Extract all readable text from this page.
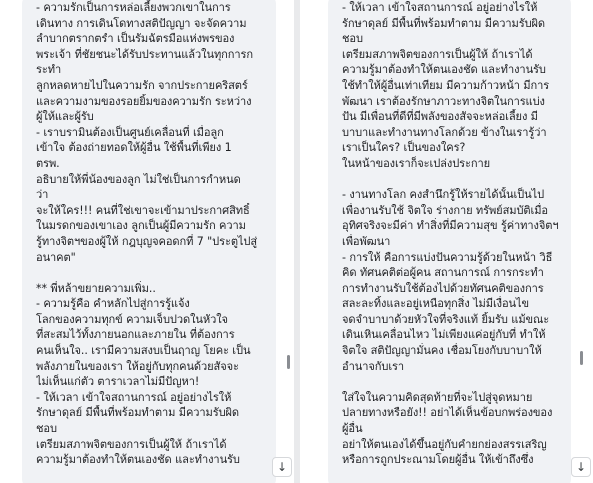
- ความรักเป็นการหล่อเลี้ยงพวกเขาในการ
เดินทาง การเดินโดทางสติปัญญา จะจัดความ
ลำบากตรากตรำ เป็นรัมฉัตรมือแห่งพรของ
พระเจ้า ที่ชัยชนะได้รับประทานแล้วในทุกการก
ระทำ
ลูกหลดหายไปในความรัก จากประกายคริสตร์
และความงามของรอยยิ้มของความรัก ระหว่าง
ผู้ให้และผู้รับ
- เราบรามินต้องเป็นศูนย์เคลื่อนที่ เมื่อลูก
เข้าใจ ต้องถ่ายทอดให้ผู้อื่น ใช้พื้นที่เพียง 1
ตรพ.
อธิบายให้พี่น้องของลูก ไม่ใช่เป็นการกำหนด
ว่า
จะให้ใคร!!! คนที่ใช่เขาจะเข้ามาประกาศสิทธิ์
ในมรดกของเขาเอง ลูกเป็นผู้มีความรัก ความ
รู้ทางจิตฯของผู้ให้ กฎบุญจคอดกที่ 7 "ประตูไปสู่
อนาคต"
** พี่หล้าขยายความเพิ่ม..
- ความรู้คือ คำหลักไปสู่การรู้แจ้ง
โลกของความทุกข์ ความเจ็บปวดในหัวใจ
ที่สะสมไว้ทั้งภายนอกและภายใน ที่ต้องการ
คนเห็นใจ.. เรามีความสงบเป็นฤาญ โยคะ เป็น
พลังภายในของเรา ให้อยู่กับทุกคนด้วยสัจจะ
ไม่เห็นแก่ตัว ตาราเวลาไม่มีปัญหา!
- ให้เวลา เข้าใจสถานการณ์ อยู่อย่างไรให้
รักษาดุลย์ มีพื้นที่พร้อมทำตาม มีความรับผิด
ชอบ
เตรียมสภาพจิตของการเป็นผู้ให้ ถ้าเราได้
ความรู้มาต้องทำให้ตนเองชัด และทำงานรับ
↓
- ให้เวลา เข้าใจสถานการณ์ อยู่อย่างไรให้
รักษาดุลย์ มีพื้นที่พร้อมทำตาม มีความรับผิด
ชอบ
เตรียมสภาพจิตของการเป็นผู้ให้ ถ้าเราได้
ความรู้มาต้องทำให้ตนเองชัด และทำงานรับ
ใช้ทำให้ผู้อื่นเท่าเทียม มีความก้าวหน้า มีการ
พัฒนา เราต้องรักษาภาวะทางจิตในการแบ่ง
ปัน มีเพื่อนที่ดีที่มีพลังของสัจจะหล่อเลี้ยง มี
บาบาและทำงานทางโลกด้วย ข้างในเรารู้ว่า
เราเป็นใคร? เป็นของใคร?
ในหน้าของเราก็จะเปล่งประกาย
- งานทางโลก คงสำนึกรู้ให้รายได้นั้นเป็นไป
เพื่องานรับใช้ จิตใจ ร่างกาย ทรัพย์สมบัติเมื่อ
อุทิศจริงจะมีค่า ทำสิ่งที่มีความสุข รู้ค่าทางจิตฯ
เพื่อพัฒนา
- การให้ คือการแบ่งปันความรู้ด้วยในหน้า วิธี
คิด ทัศนคติต่อผู้คน สถานการณ์ การกระทำ
การทำงานรับใช้ต้องไปด้วยทัศนคติของการ
สละละทิ้งและอยู่เหนือทุกสิ่ง ไม่มีเงื่อนไข
จดจำบาบาด้วยหัวใจที่จริงแท้ ยิ้มรับ แม้ขณะ
เดินเหินเคลื่อนไหว ไม่เพียงแค่อยู่กับที่ ทำให้
จิตใจ สติปัญญามั่นคง เชื่อมโยงกับบาบาให้
อำนาจกับเรา
ใส่ใจในความคิดสุดท้ายที่จะไปสู่จุดหมาย
ปลายทางหรือยัง!! อย่าได้เห็นข้อบกพร่องของ
ผู้อื่น
อย่าให้ตนเองได้ขึ้นอยู่กับคำยกย่องสรรเสริญ
หรือการถูกประณามโดยผู้อื่น ให้เข้าถึงซึ่ง
↓
